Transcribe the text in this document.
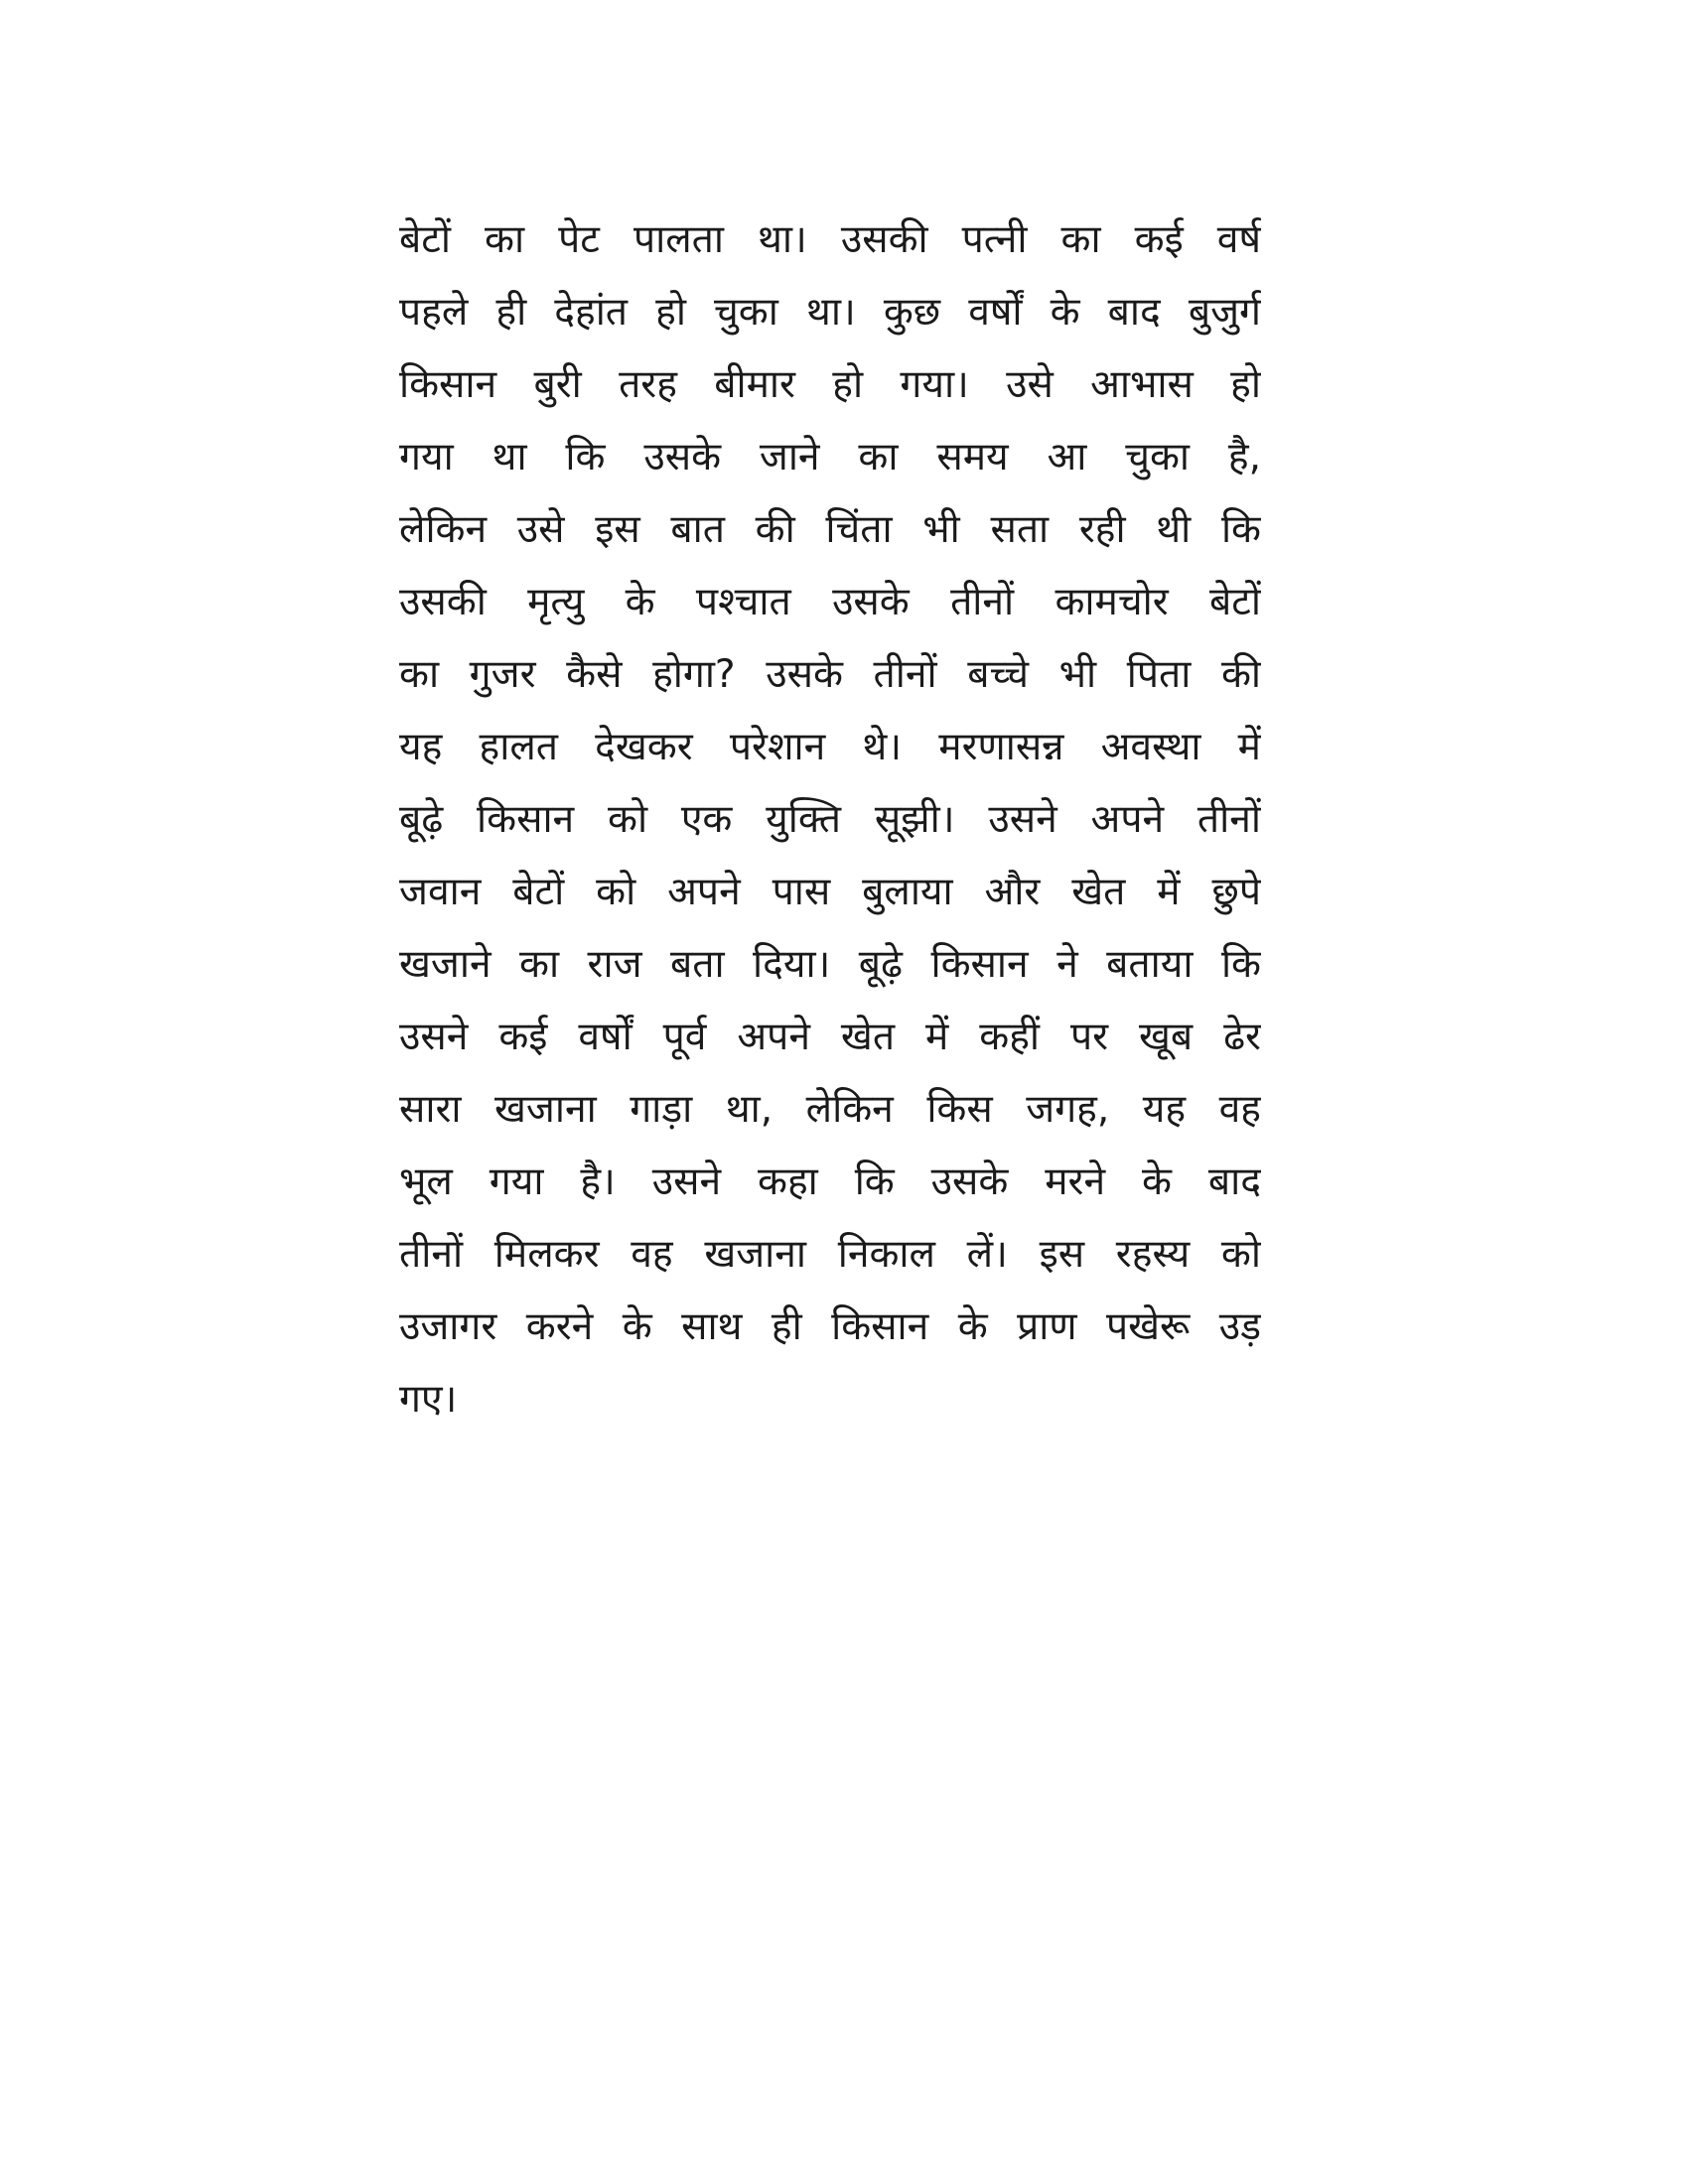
बेटों का पेट पालता था। उसकी पत्नी का कई वर्ष
पहले ही देहांत हो चुका था। कुछ वर्षों के बाद बुजुर्ग
किसान बुरी तरह बीमार हो गया। उसे आभास हो
गया था कि उसके जाने का समय आ चुका है,
लेकिन उसे इस बात की चिंता भी सता रही थी कि
उसकी मृत्यु के पश्चात उसके तीनों कामचोर बेटों
का गुजर कैसे होगा? उसके तीनों बच्चे भी पिता की
यह हालत देखकर परेशान थे। मरणासन्न अवस्था में
बूढ़े किसान को एक युक्ति सूझी। उसने अपने तीनों
जवान बेटों को अपने पास बुलाया और खेत में छुपे
खजाने का राज बता दिया। बूढ़े किसान ने बताया कि
उसने कई वर्षों पूर्व अपने खेत में कहीं पर खूब ढेर
सारा खजाना गाड़ा था, लेकिन किस जगह, यह वह
भूल गया है। उसने कहा कि उसके मरने के बाद
तीनों मिलकर वह खजाना निकाल लें। इस रहस्य को
उजागर करने के साथ ही किसान के प्राण पखेरू उड़
गए।
